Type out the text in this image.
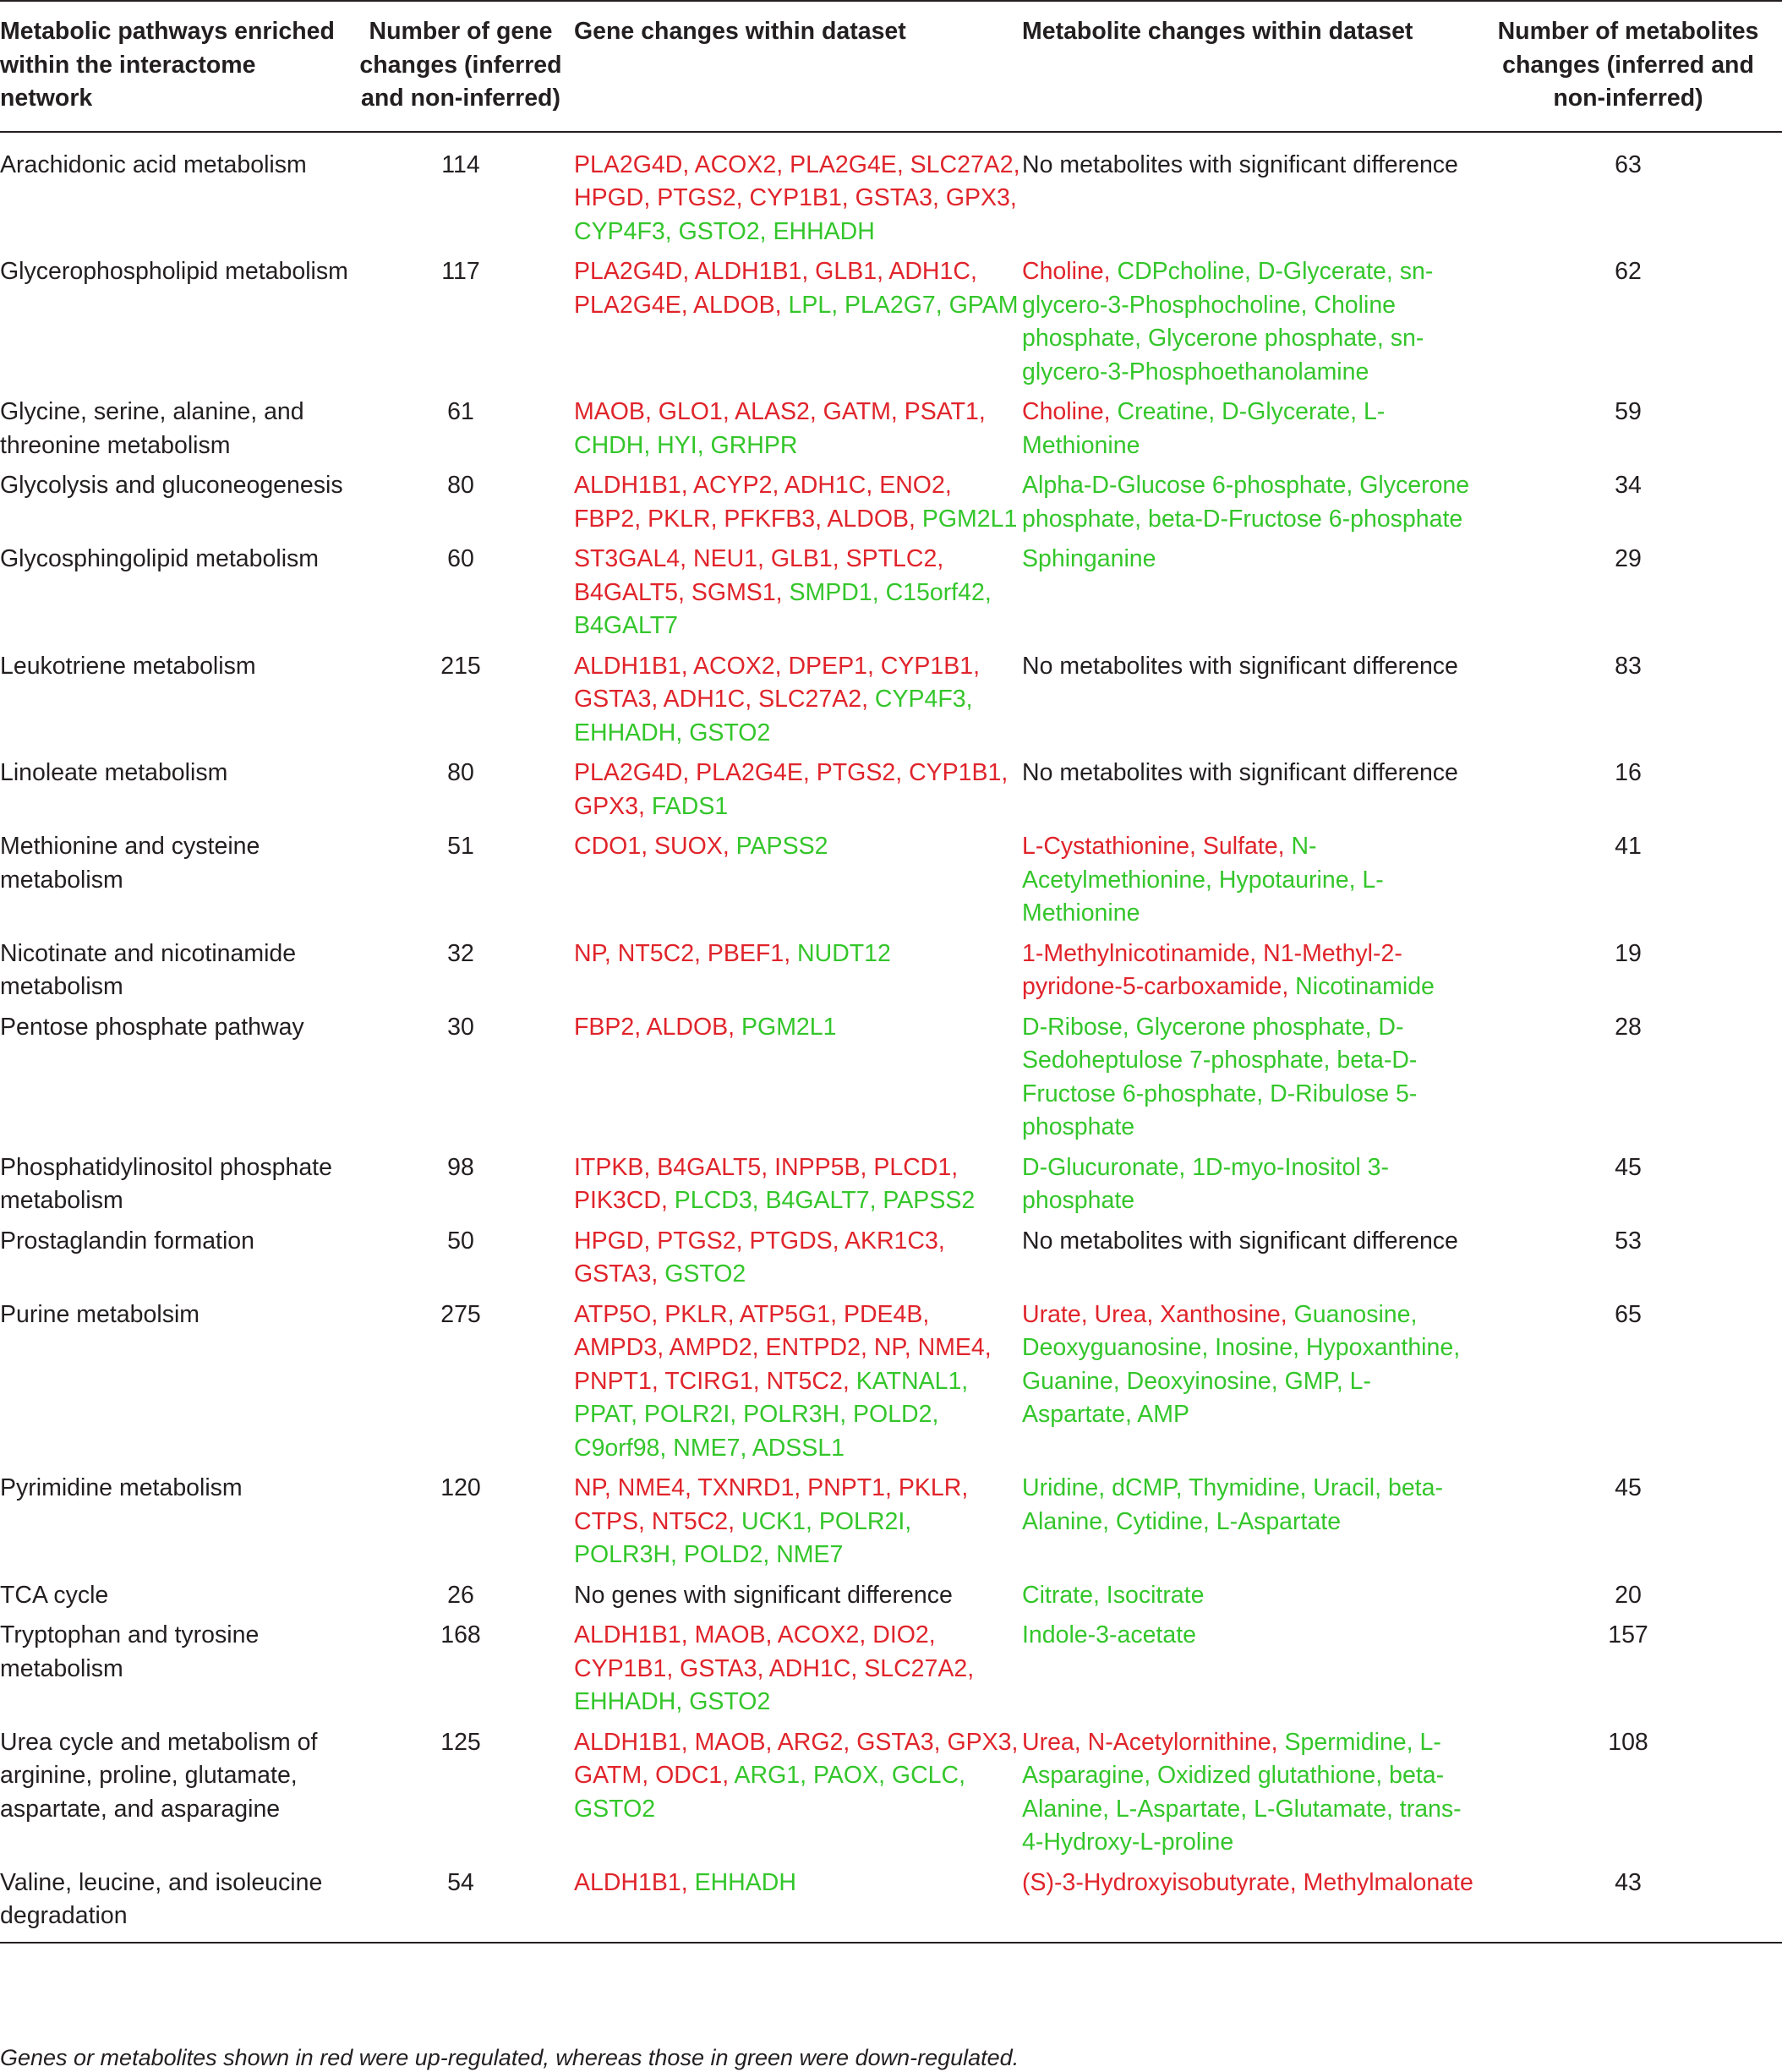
Metabolic pathways enriched within the interactome network	Number of gene changes (inferred and non-inferred)	Gene changes within dataset	Metabolite changes within dataset	Number of metabolites changes (inferred and non-inferred)
Arachidonic acid metabolism	114	PLA2G4D, ACOX2, PLA2G4E, SLC27A2, HPGD, PTGS2, CYP1B1, GSTA3, GPX3, CYP4F3, GSTO2, EHHADH	No metabolites with significant difference	63
Glycerophospholipid metabolism	117	PLA2G4D, ALDH1B1, GLB1, ADH1C, PLA2G4E, ALDOB, LPL, PLA2G7, GPAM	Choline, CDPcholine, D-Glycerate, sn-glycero-3-Phosphocholine, Choline phosphate, Glycerone phosphate, sn-glycero-3-Phosphoethanolamine	62
Glycine, serine, alanine, and threonine metabolism	61	MAOB, GLO1, ALAS2, GATM, PSAT1, CHDH, HYI, GRHPR	Choline, Creatine, D-Glycerate, L-Methionine	59
Glycolysis and gluconeogenesis	80	ALDH1B1, ACYP2, ADH1C, ENO2, FBP2, PKLR, PFKFB3, ALDOB, PGM2L1	Alpha-D-Glucose 6-phosphate, Glycerone phosphate, beta-D-Fructose 6-phosphate	34
Glycosphingolipid metabolism	60	ST3GAL4, NEU1, GLB1, SPTLC2, B4GALT5, SGMS1, SMPD1, C15orf42, B4GALT7	Sphinganine	29
Leukotriene metabolism	215	ALDH1B1, ACOX2, DPEP1, CYP1B1, GSTA3, ADH1C, SLC27A2, CYP4F3, EHHADH, GSTO2	No metabolites with significant difference	83
Linoleate metabolism	80	PLA2G4D, PLA2G4E, PTGS2, CYP1B1, GPX3, FADS1	No metabolites with significant difference	16
Methionine and cysteine metabolism	51	CDO1, SUOX, PAPSS2	L-Cystathionine, Sulfate, N-Acetylmethionine, Hypotaurine, L-Methionine	41
Nicotinate and nicotinamide metabolism	32	NP, NT5C2, PBEF1, NUDT12	1-Methylnicotinamide, N1-Methyl-2-pyridone-5-carboxamide, Nicotinamide	19
Pentose phosphate pathway	30	FBP2, ALDOB, PGM2L1	D-Ribose, Glycerone phosphate, D-Sedoheptulose 7-phosphate, beta-D-Fructose 6-phosphate, D-Ribulose 5-phosphate	28
Phosphatidylinositol phosphate metabolism	98	ITPKB, B4GALT5, INPP5B, PLCD1, PIK3CD, PLCD3, B4GALT7, PAPSS2	D-Glucuronate, 1D-myo-Inositol 3-phosphate	45
Prostaglandin formation	50	HPGD, PTGS2, PTGDS, AKR1C3, GSTA3, GSTO2	No metabolites with significant difference	53
Purine metabolsim	275	ATP5O, PKLR, ATP5G1, PDE4B, AMPD3, AMPD2, ENTPD2, NP, NME4, PNPT1, TCIRG1, NT5C2, KATNAL1, PPAT, POLR2I, POLR3H, POLD2, C9orf98, NME7, ADSSL1	Urate, Urea, Xanthosine, Guanosine, Deoxyguanosine, Inosine, Hypoxanthine, Guanine, Deoxyinosine, GMP, L-Aspartate, AMP	65
Pyrimidine metabolism	120	NP, NME4, TXNRD1, PNPT1, PKLR, CTPS, NT5C2, UCK1, POLR2I, POLR3H, POLD2, NME7	Uridine, dCMP, Thymidine, Uracil, beta-Alanine, Cytidine, L-Aspartate	45
TCA cycle	26	No genes with significant difference	Citrate, Isocitrate	20
Tryptophan and tyrosine metabolism	168	ALDH1B1, MAOB, ACOX2, DIO2, CYP1B1, GSTA3, ADH1C, SLC27A2, EHHADH, GSTO2	Indole-3-acetate	157
Urea cycle and metabolism of arginine, proline, glutamate, aspartate, and asparagine	125	ALDH1B1, MAOB, ARG2, GSTA3, GPX3, GATM, ODC1, ARG1, PAOX, GCLC, GSTO2	Urea, N-Acetylornithine, Spermidine, L-Asparagine, Oxidized glutathione, beta-Alanine, L-Aspartate, L-Glutamate, trans-4-Hydroxy-L-proline	108
Valine, leucine, and isoleucine degradation	54	ALDH1B1, EHHADH	(S)-3-Hydroxyisobutyrate, Methylmalonate	43
Genes or metabolites shown in red were up-regulated, whereas those in green were down-regulated.
